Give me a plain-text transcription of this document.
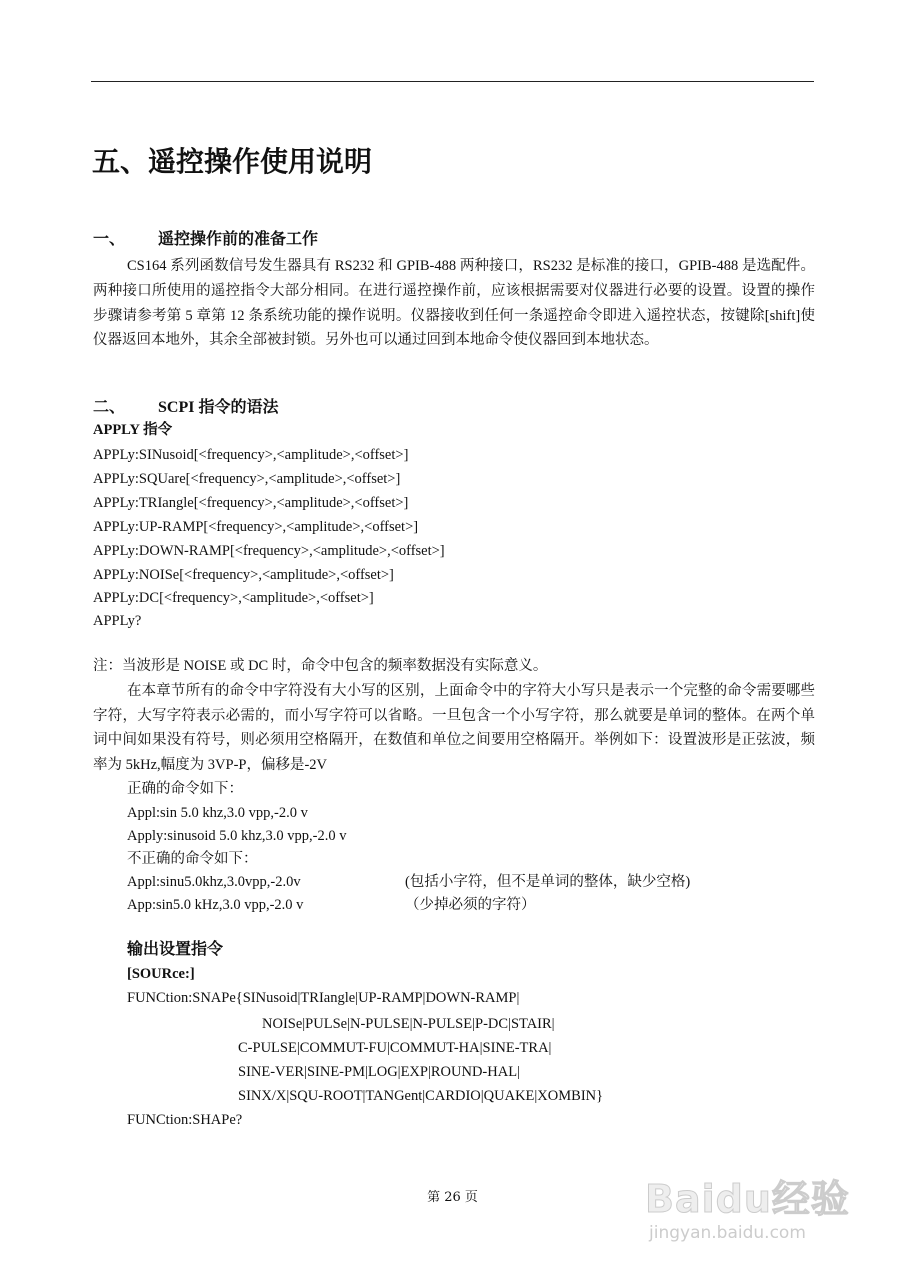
五、遥控操作使用说明
一、 遥控操作前的准备工作
CS164 系列函数信号发生器具有 RS232 和 GPIB-488 两种接口，RS232 是标准的接口，GPIB-488 是选配件。两种接口所使用的遥控指令大部分相同。在进行遥控操作前，应该根据需要对仪器进行必要的设置。设置的操作步骤请参考第 5 章第 12 条系统功能的操作说明。仪器接收到任何一条遥控命令即进入遥控状态，按键除[shift]使仪器返回本地外，其余全部被封锁。另外也可以通过回到本地命令使仪器回到本地状态。
二、 SCPI 指令的语法
APPLY 指令
APPLy:SINusoid[<frequency>,<amplitude>,<offset>]
APPLy:SQUare[<frequency>,<amplitude>,<offset>]
APPLy:TRIangle[<frequency>,<amplitude>,<offset>]
APPLy:UP-RAMP[<frequency>,<amplitude>,<offset>]
APPLy:DOWN-RAMP[<frequency>,<amplitude>,<offset>]
APPLy:NOISe[<frequency>,<amplitude>,<offset>]
APPLy:DC[<frequency>,<amplitude>,<offset>]
APPLy?
注：当波形是 NOISE 或 DC 时，命令中包含的频率数据没有实际意义。
在本章节所有的命令中字符没有大小写的区别，上面命令中的字符大小写只是表示一个完整的命令需要哪些字符，大写字符表示必需的，而小写字符可以省略。一旦包含一个小写字符，那么就要是单词的整体。在两个单词中间如果没有符号，则必须用空格隔开，在数值和单位之间要用空格隔开。举例如下：设置波形是正弦波，频率为 5kHz,幅度为 3VP-P，偏移是-2V
正确的命令如下：
Appl:sin 5.0 khz,3.0 vpp,-2.0 v
Apply:sinusoid 5.0 khz,3.0 vpp,-2.0 v
不正确的命令如下：
Appl:sinu5.0khz,3.0vpp,-2.0v	(包括小字符，但不是单词的整体，缺少空格)
App:sin5.0 kHz,3.0 vpp,-2.0 v	（少掉必须的字符）
输出设置指令
[SOURce:]
FUNCtion:SNAPe{SINusoid|TRIangle|UP-RAMP|DOWN-RAMP|
NOISe|PULSe|N-PULSE|N-PULSE|P-DC|STAIR|
C-PULSE|COMMUT-FU|COMMUT-HA|SINE-TRA|
SINE-VER|SINE-PM|LOG|EXP|ROUND-HAL|
SINX/X|SQU-ROOT|TANGent|CARDIO|QUAKE|XOMBIN}
FUNCtion:SHAPe?
第 26 页	Baidu经验
jingyan.baidu.com
